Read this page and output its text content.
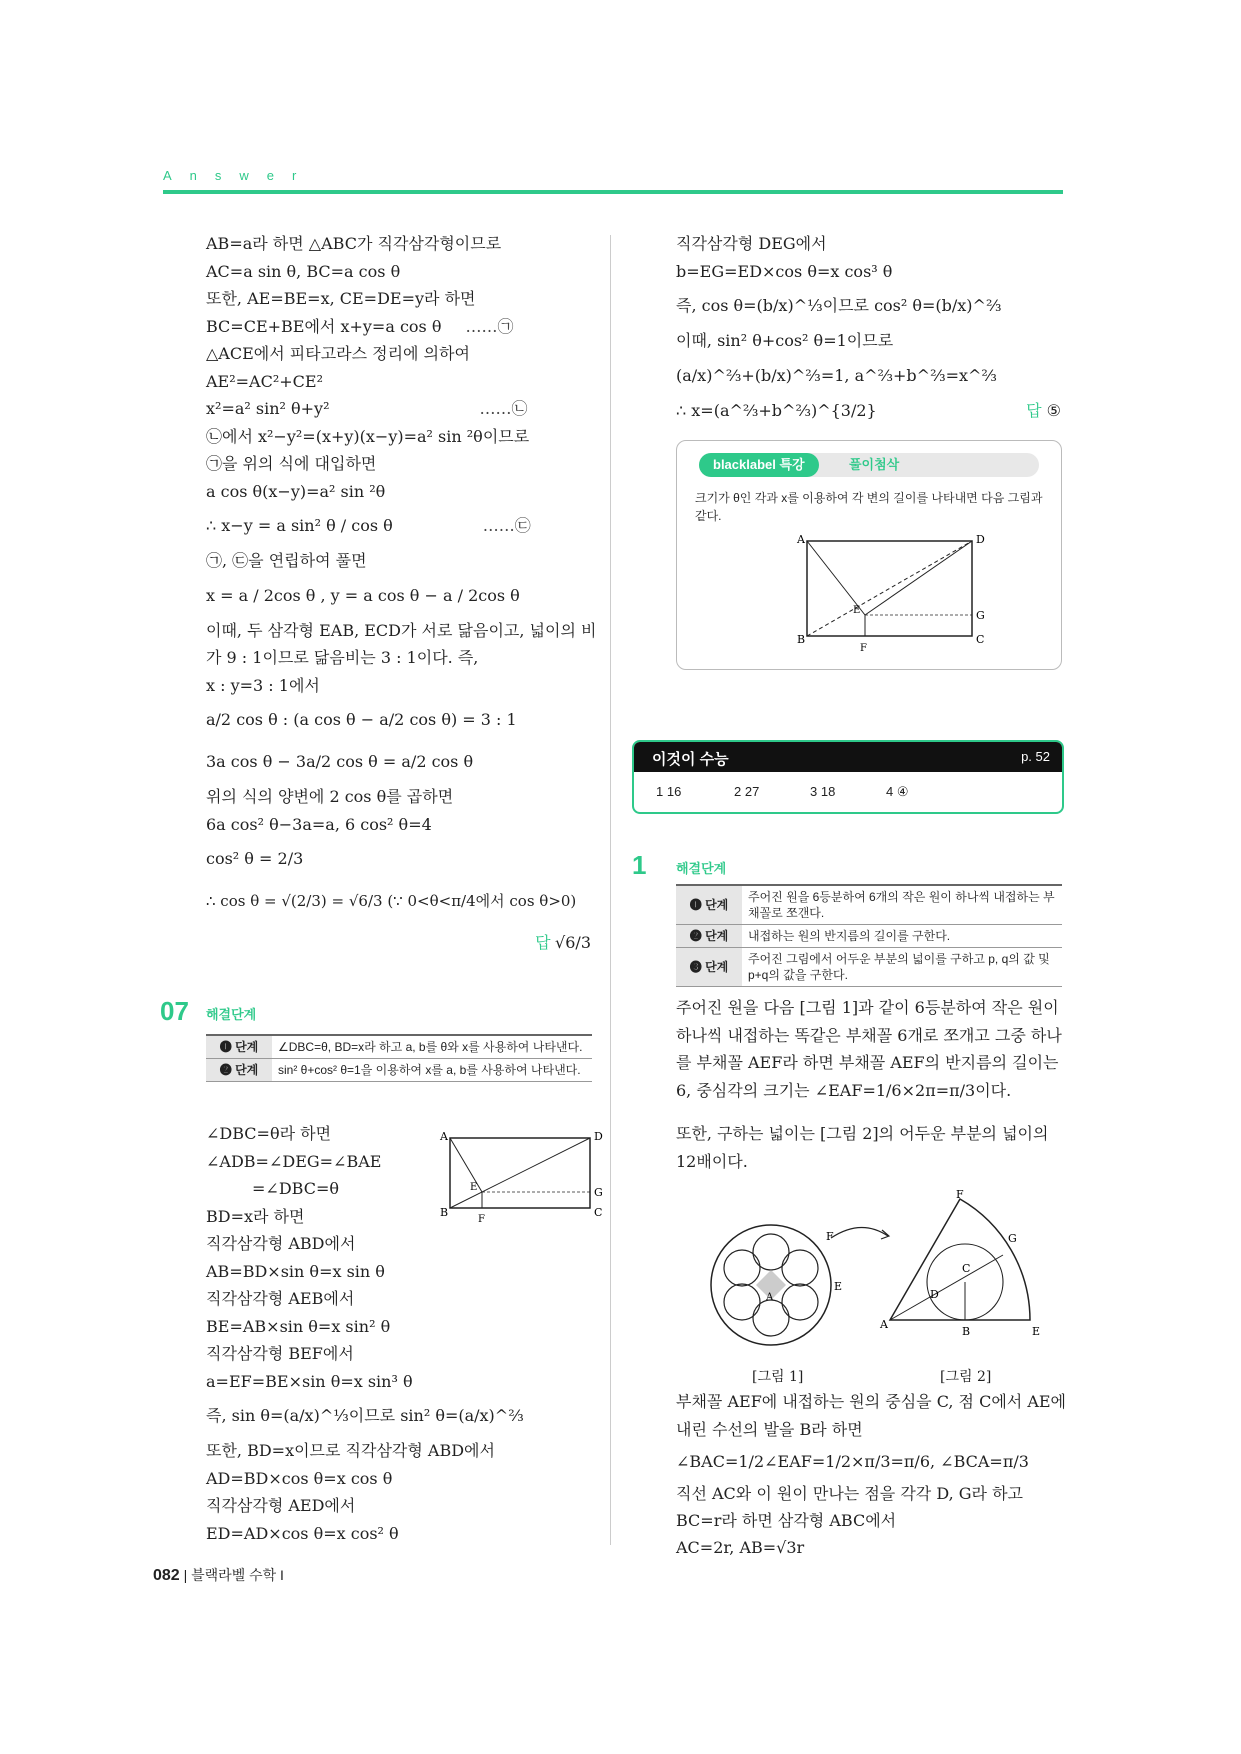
Answer
AB=a라 하면 △ABC가 직각삼각형이므로
AC=a sin θ, BC=a cos θ
또한, AE=BE=x, CE=DE=y라 하면
BC=CE+BE에서 x+y=a cos θ ……㉠
△ACE에서 피타고라스 정리에 의하여
AE²=AC²+CE²
x²=a² sin² θ+y²	……㉡
㉡에서 x²−y²=(x+y)(x−y)=a² sin ²θ이므로
㉠을 위의 식에 대입하면
a cos θ(x−y)=a² sin ²θ
∴ x−y = a sin² θ / cos θ	……㉢
㉠, ㉢을 연립하여 풀면
x = a / 2cos θ , y = a cos θ − a / 2cos θ
이때, 두 삼각형 EAB, ECD가 서로 닮음이고, 넓이의 비
가 9 : 1이므로 닮음비는 3 : 1이다. 즉,
x : y=3 : 1에서
a/2 cos θ : (a cos θ − a/2 cos θ) = 3 : 1
3a cos θ − 3a/2 cos θ = a/2 cos θ
위의 식의 양변에 2 cos θ를 곱하면
6a cos² θ−3a=a, 6 cos² θ=4
cos² θ = 2/3
∴ cos θ = √(2/3) = √6/3 (∵ 0<θ<π/4에서 cos θ>0)
답 √6/3
07 해결단계
❶ 단계	∠DBC=θ, BD=x라 하고 a, b를 θ와 x를 사용하여 나타낸다.
❷ 단계	sin² θ+cos² θ=1을 이용하여 x를 a, b를 사용하여 나타낸다.
∠DBC=θ라 하면
∠ADB=∠DEG=∠BAE
=∠DBC=θ
BD=x라 하면
직각삼각형 ABD에서
AB=BD×sin θ=x sin θ
직각삼각형 AEB에서
BE=AB×sin θ=x sin² θ
직각삼각형 BEF에서
a=EF=BE×sin θ=x sin³ θ
즉, sin θ=(a/x)^⅓이므로 sin² θ=(a/x)^⅔
또한, BD=x이므로 직각삼각형 ABD에서
AD=BD×cos θ=x cos θ
직각삼각형 AED에서
ED=AD×cos θ=x cos² θ
A	D
B	C
G
E
F
직각삼각형 DEG에서
b=EG=ED×cos θ=x cos³ θ
즉, cos θ=(b/x)^⅓이므로 cos² θ=(b/x)^⅔
이때, sin² θ+cos² θ=1이므로
(a/x)^⅔+(b/x)^⅔=1, a^⅔+b^⅔=x^⅔
∴ x=(a^⅔+b^⅔)^{3/2}	답 ⑤
blacklabel 특강	풀이첨삭
크기가 θ인 각과 x를 이용하여 각 변의 길이를 나타내면 다음 그림과 같다.
A	D
B	C
G
E
F
이것이 수능	p. 52
1 16	2 27	3 18	4 ④
1 해결단계
❶ 단계	주어진 원을 6등분하여 6개의 작은 원이 하나씩 내접하는 부채꼴로 쪼갠다.
❷ 단계	내접하는 원의 반지름의 길이를 구한다.
❸ 단계	주어진 그림에서 어두운 부분의 넓이를 구하고 p, q의 값 및 p+q의 값을 구한다.
주어진 원을 다음 [그림 1]과 같이 6등분하여 작은 원이 하나씩 내접하는 똑같은 부채꼴 6개로 쪼개고 그중 하나를 부채꼴 AEF라 하면 부채꼴 AEF의 반지름의 길이는 6, 중심각의 크기는 ∠EAF=1/6×2π=π/3이다.
또한, 구하는 넓이는 [그림 2]의 어두운 부분의 넓이의 12배이다.
F
E
A
F
G
C
D
A
B	E
[그림 1]	[그림 2]
부채꼴 AEF에 내접하는 원의 중심을 C, 점 C에서 AE에 내린 수선의 발을 B라 하면
∠BAC=1/2∠EAF=1/2×π/3=π/6, ∠BCA=π/3
직선 AC와 이 원이 만나는 점을 각각 D, G라 하고
BC=r라 하면 삼각형 ABC에서
AC=2r, AB=√3r
082 | 블랙라벨 수학 I
